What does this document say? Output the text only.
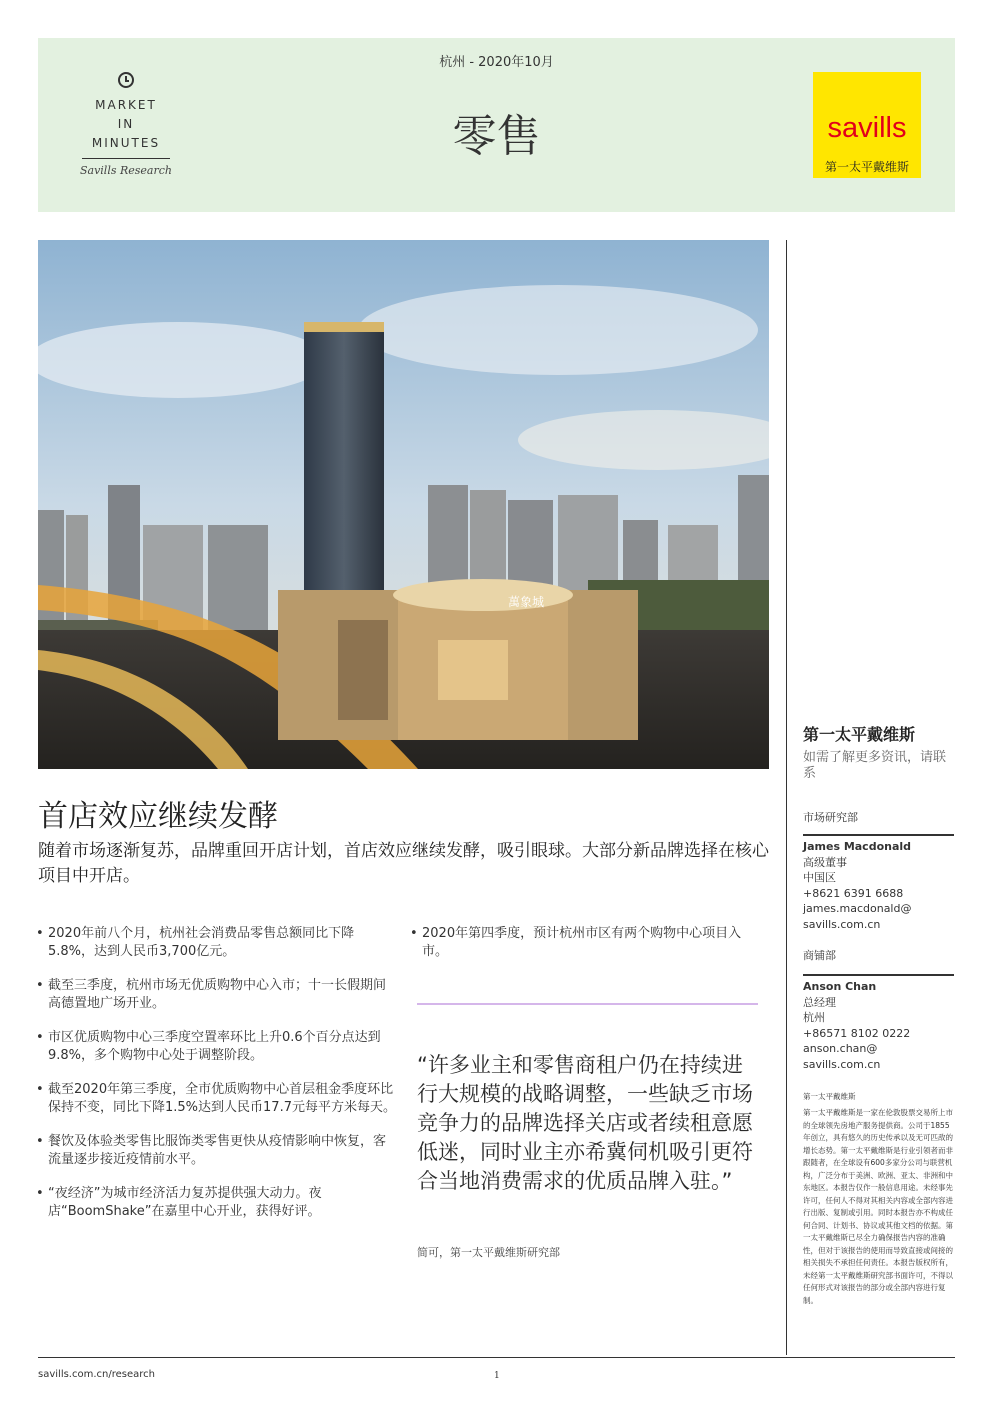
MARKET
IN
MINUTES
Savills Research
杭州 - 2020年10月
零售	savills
第一太平戴维斯
萬象城
首店效应继续发酵
随着市场逐渐复苏，品牌重回开店计划，首店效应继续发酵，吸引眼球。大部分新品牌选择在核心项目中开店。
• 2020年前八个月，杭州社会消费品零售总额同比下降5.8%，达到人民币3,700亿元。
• 截至三季度，杭州市场无优质购物中心入市；十一长假期间高德置地广场开业。
• 市区优质购物中心三季度空置率环比上升0.6个百分点达到9.8%，多个购物中心处于调整阶段。
• 截至2020年第三季度，全市优质购物中心首层租金季度环比保持不变，同比下降1.5%达到人民币17.7元每平方米每天。
• 餐饮及体验类零售比服饰类零售更快从疫情影响中恢复，客流量逐步接近疫情前水平。
• “夜经济”为城市经济活力复苏提供强大动力。夜店“BoomShake”在嘉里中心开业，获得好评。
• 2020年第四季度，预计杭州市区有两个购物中心项目入市。
“许多业主和零售商租户仍在持续进行大规模的战略调整，一些缺乏市场竞争力的品牌选择关店或者续租意愿低迷，同时业主亦希冀伺机吸引更符合当地消费需求的优质品牌入驻。”
简可，第一太平戴维斯研究部
第一太平戴维斯
如需了解更多资讯，请联系
市场研究部
James Macdonald
高级董事
中国区
+8621 6391 6688
james.macdonald@
savills.com.cn
商铺部
Anson Chan
总经理
杭州
+86571 8102 0222
anson.chan@
savills.com.cn
第一太平戴维斯
第一太平戴维斯是一家在伦敦股票交易所上市的全球领先房地产服务提供商。公司于1855年创立，具有悠久的历史传承以及无可匹敌的增长态势。第一太平戴维斯是行业引领者而非跟随者，在全球设有600多家分公司与联营机构，广泛分布于美洲、欧洲、亚太、非洲和中东地区。本报告仅作一般信息用途。未经事先许可，任何人不得对其相关内容或全部内容进行出版、复制或引用。同时本报告亦不构成任何合同、计划书、协议或其他文档的依据。第一太平戴维斯已尽全力确保报告内容的准确性，但对于该报告的使用而导致直接或间接的相关损失不承担任何责任。本报告版权所有，未经第一太平戴维斯研究部书面许可，不得以任何形式对该报告的部分或全部内容进行复制。
savills.com.cn/research	1
